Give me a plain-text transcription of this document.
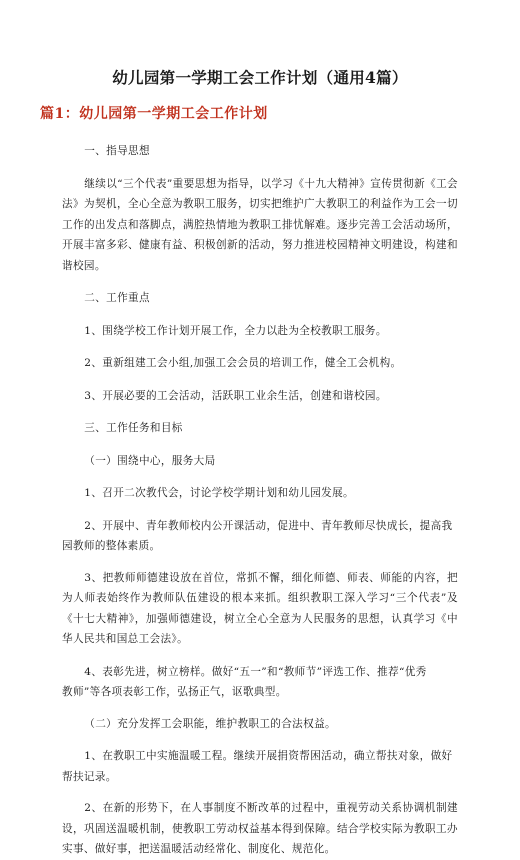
幼儿园第一学期工会工作计划（通用4篇）
篇1：幼儿园第一学期工会工作计划
一、指导思想
继续以“三个代表”重要思想为指导，以学习《十九大精神》宣传贯彻新《工会法》为契机，全心全意为教职工服务，切实把维护广大教职工的利益作为工会一切工作的出发点和落脚点，满腔热情地为教职工排忧解难。逐步完善工会活动场所，开展丰富多彩、健康有益、积极创新的活动，努力推进校园精神文明建设，构建和谐校园。
二、工作重点
1、围绕学校工作计划开展工作，全力以赴为全校教职工服务。
2、重新组建工会小组,加强工会会员的培训工作，健全工会机构。
3、开展必要的工会活动，活跃职工业余生活，创建和谐校园。
三、工作任务和目标
（一）围绕中心，服务大局
1、召开二次教代会，讨论学校学期计划和幼儿园发展。
2、开展中、青年教师校内公开课活动，促进中、青年教师尽快成长，提高我
园教师的整体素质。
3、把教师师德建设放在首位，常抓不懈，细化师德、师表、师能的内容，把为人师表始终作为教师队伍建设的根本来抓。组织教职工深入学习“三个代表”及《十七大精神》，加强师德建设，树立全心全意为人民服务的思想，认真学习《中华人民共和国总工会法》。
4、表彰先进，树立榜样。做好“五一”和“教师节”评选工作、推荐“优秀
教师”等各项表彰工作，弘扬正气，讴歌典型。
（二）充分发挥工会职能，维护教职工的合法权益。
1、在教职工中实施温暖工程。继续开展捐资帮困活动，确立帮扶对象，做好
帮扶记录。
2、在新的形势下，在人事制度不断改革的过程中，重视劳动关系协调机制建设，巩固送温暖机制，使教职工劳动权益基本得到保障。结合学校实际为教职工办实事、做好事，把送温暖活动经常化、制度化、规范化。
